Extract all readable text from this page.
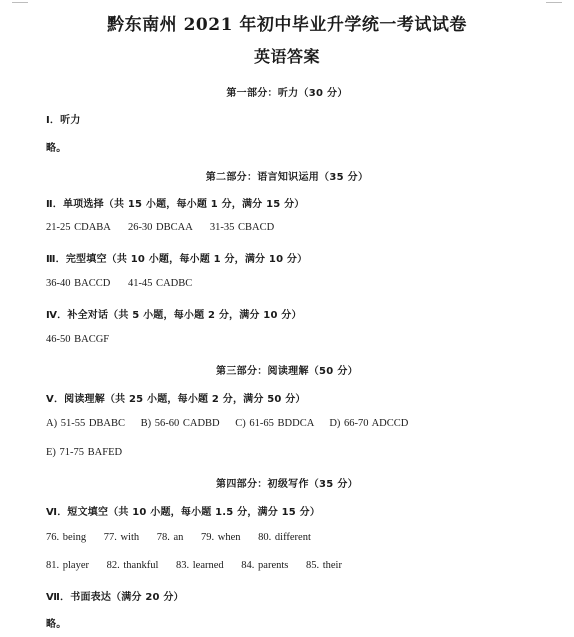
黔东南州 2021 年初中毕业升学统一考试试卷
英语答案
第一部分：听力（30 分）
Ⅰ．听力
略。
第二部分：语言知识运用（35 分）
Ⅱ．单项选择（共 15 小题，每小题 1 分，满分 15 分）
21-25 CDABA 26-30 DBCAA 31-35 CBACD
Ⅲ．完型填空（共 10 小题，每小题 1 分，满分 10 分）
36-40 BACCD 41-45 CADBC
Ⅳ．补全对话（共 5 小题，每小题 2 分，满分 10 分）
46-50 BACGF
第三部分：阅读理解（50 分）
Ⅴ．阅读理解（共 25 小题，每小题 2 分，满分 50 分）
A) 51-55 DBABC B) 56-60 CADBD C) 61-65 BDDCA D) 66-70 ADCCD
E) 71-75 BAFED
第四部分：初级写作（35 分）
Ⅵ．短文填空（共 10 小题，每小题 1.5 分，满分 15 分）
76. being 77. with 78. an 79. when 80. different
81. player 82. thankful 83. learned 84. parents 85. their
Ⅶ．书面表达（满分 20 分）
略。
